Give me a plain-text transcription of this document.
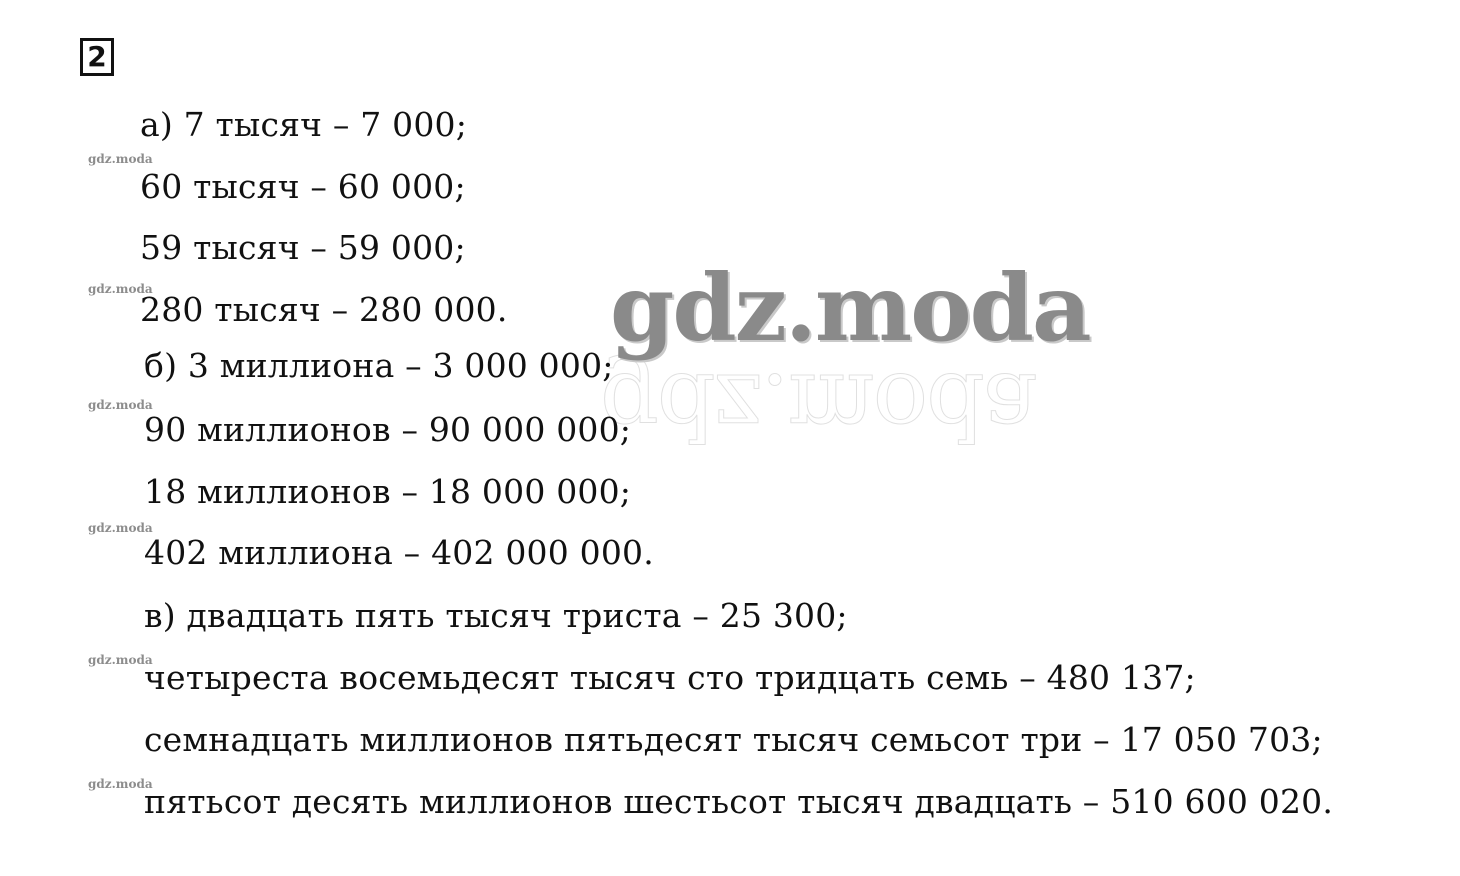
2
gdz.moda
gdz.moda
gdz.moda
gdz.moda
gdz.moda
gdz.moda
gdz.moda
gdz.moda
а) 7 тысяч – 7 000;
60 тысяч – 60 000;
59 тысяч – 59 000;
280 тысяч – 280 000.
б) 3 миллиона – 3 000 000;
90 миллионов – 90 000 000;
18 миллионов – 18 000 000;
402 миллиона – 402 000 000.
в) двадцать пять тысяч триста – 25 300;
четыреста восемьдесят тысяч сто тридцать семь – 480 137;
семнадцать миллионов пятьдесят тысяч семьсот три – 17 050 703;
пятьсот десять миллионов шестьсот тысяч двадцать – 510 600 020.
